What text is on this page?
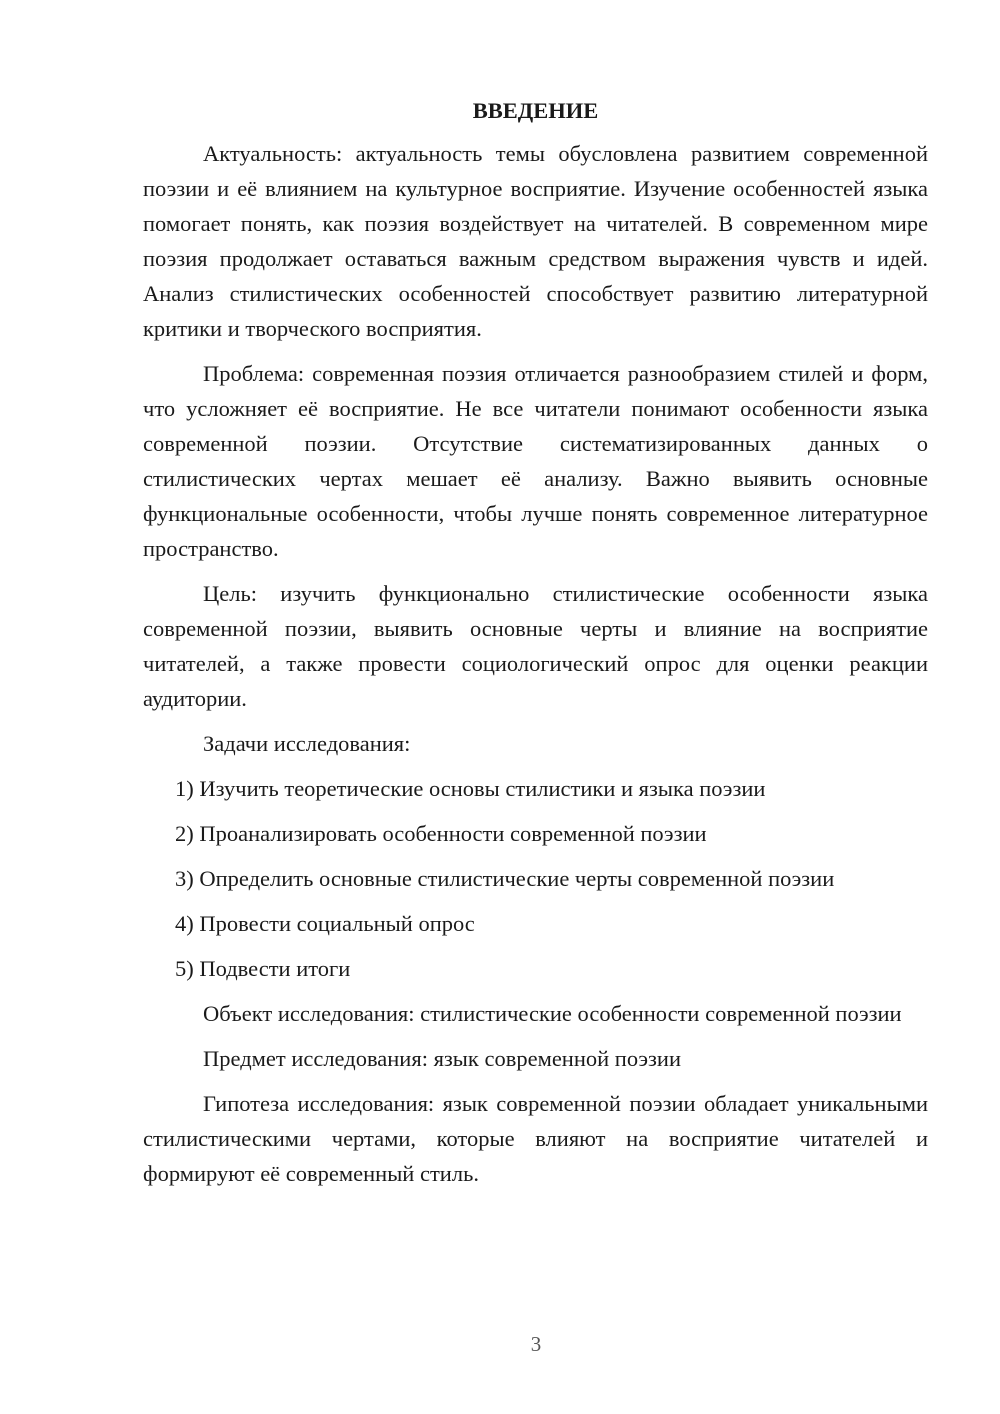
ВВЕДЕНИЕ

Актуальность: актуальность темы обусловлена развитием современной поэзии и её влиянием на культурное восприятие. Изучение особенностей языка помогает понять, как поэзия воздействует на читателей. В современном мире поэзия продолжает оставаться важным средством выражения чувств и идей. Анализ стилистических особенностей способствует развитию литературной критики и творческого восприятия.

Проблема: современная поэзия отличается разнообразием стилей и форм, что усложняет её восприятие. Не все читатели понимают особенности языка современной поэзии. Отсутствие систематизированных данных о стилистических чертах мешает её анализу. Важно выявить основные функциональные особенности, чтобы лучше понять современное литературное пространство.

Цель: изучить функционально стилистические особенности языка современной поэзии, выявить основные черты и влияние на восприятие читателей, а также провести социологический опрос для оценки реакции аудитории.

Задачи исследования:

1) Изучить теоретические основы стилистики и языка поэзии
2) Проанализировать особенности современной поэзии
3) Определить основные стилистические черты современной поэзии
4) Провести социальный опрос
5) Подвести итоги

Объект исследования: стилистические особенности современной поэзии

Предмет исследования: язык современной поэзии

Гипотеза исследования: язык современной поэзии обладает уникальными стилистическими чертами, которые влияют на восприятие читателей и формируют её современный стиль.

3
